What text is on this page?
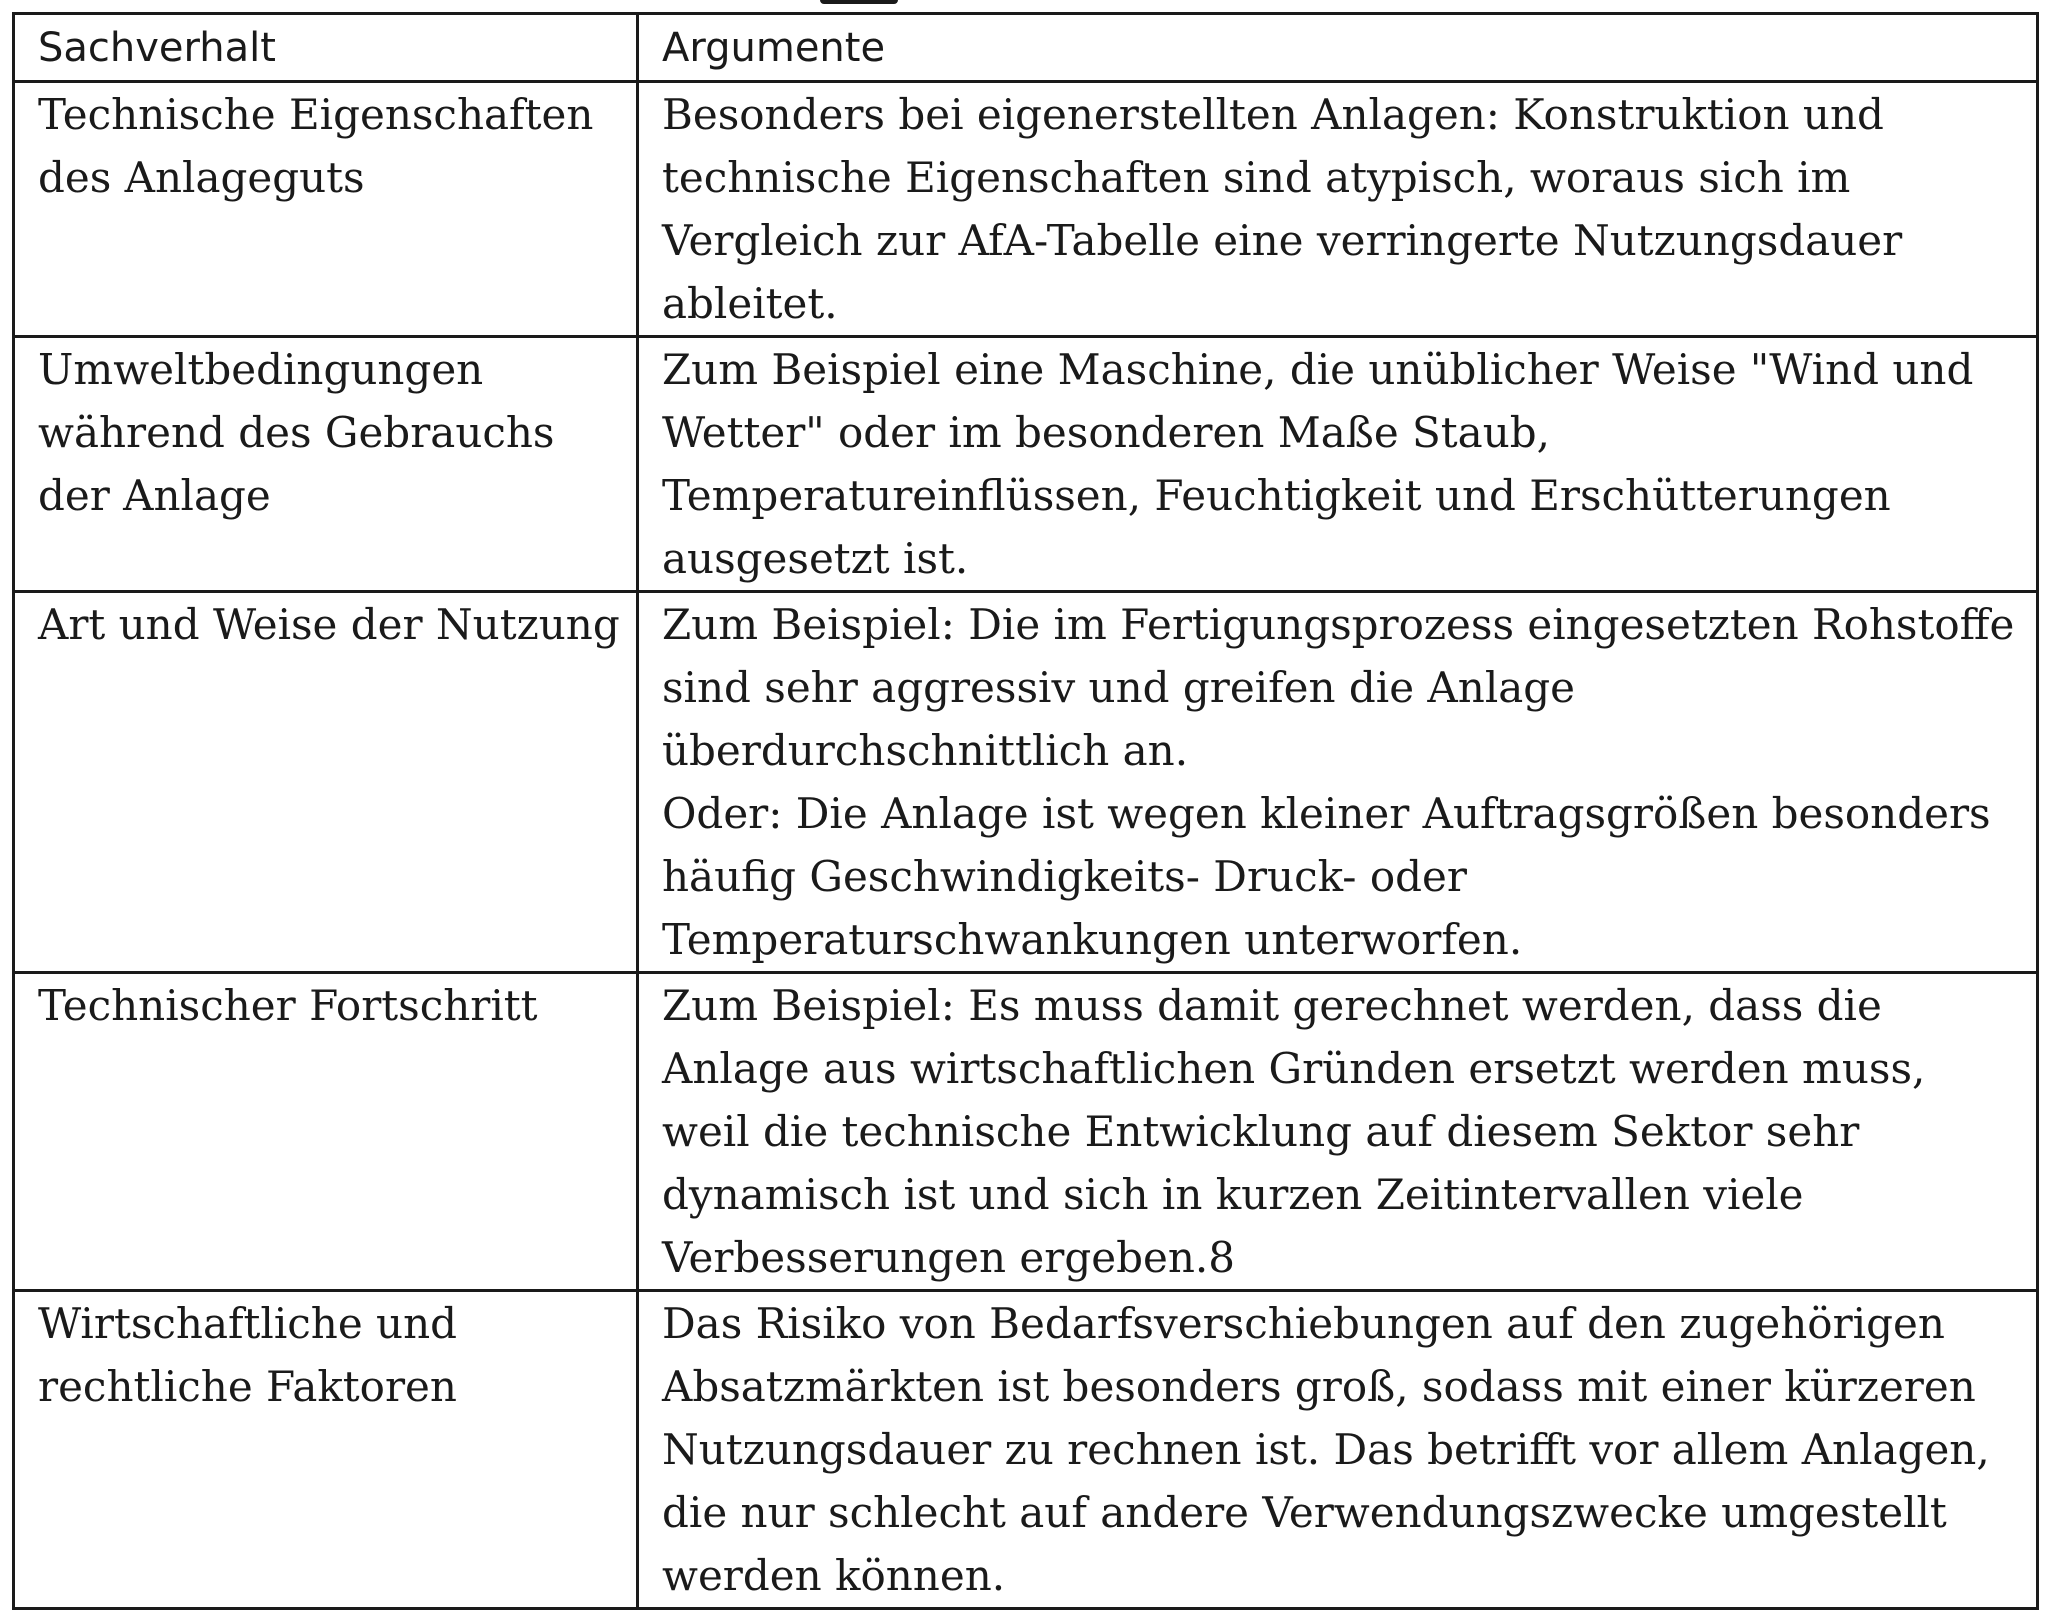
Sachverhalt	Argumente
Technische Eigenschaften des Anlageguts	Besonders bei eigenerstellten Anlagen: Konstruktion und technische Eigenschaften sind atypisch, woraus sich im Vergleich zur AfA-Tabelle eine verringerte Nutzungsdauer ableitet.
Umweltbedingungen während des Gebrauchs der Anlage	Zum Beispiel eine Maschine, die unüblicher Weise "Wind und Wetter" oder im besonderen Maße Staub, Temperatureinflüssen, Feuchtigkeit und Erschütterungen ausgesetzt ist.
Art und Weise der Nutzung	Zum Beispiel: Die im Fertigungsprozess eingesetzten Rohstoffe sind sehr aggressiv und greifen die Anlage überdurchschnittlich an.
Oder: Die Anlage ist wegen kleiner Auftragsgrößen besonders häufig Geschwindigkeits- Druck- oder Temperaturschwankungen unterworfen.
Technischer Fortschritt	Zum Beispiel: Es muss damit gerechnet werden, dass die Anlage aus wirtschaftlichen Gründen ersetzt werden muss, weil die technische Entwicklung auf diesem Sektor sehr dynamisch ist und sich in kurzen Zeitintervallen viele Verbesserungen ergeben.8
Wirtschaftliche und rechtliche Faktoren	Das Risiko von Bedarfsverschiebungen auf den zugehörigen Absatzmärkten ist besonders groß, sodass mit einer kürzeren Nutzungsdauer zu rechnen ist. Das betrifft vor allem Anlagen, die nur schlecht auf andere Verwendungszwecke umgestellt werden können.
